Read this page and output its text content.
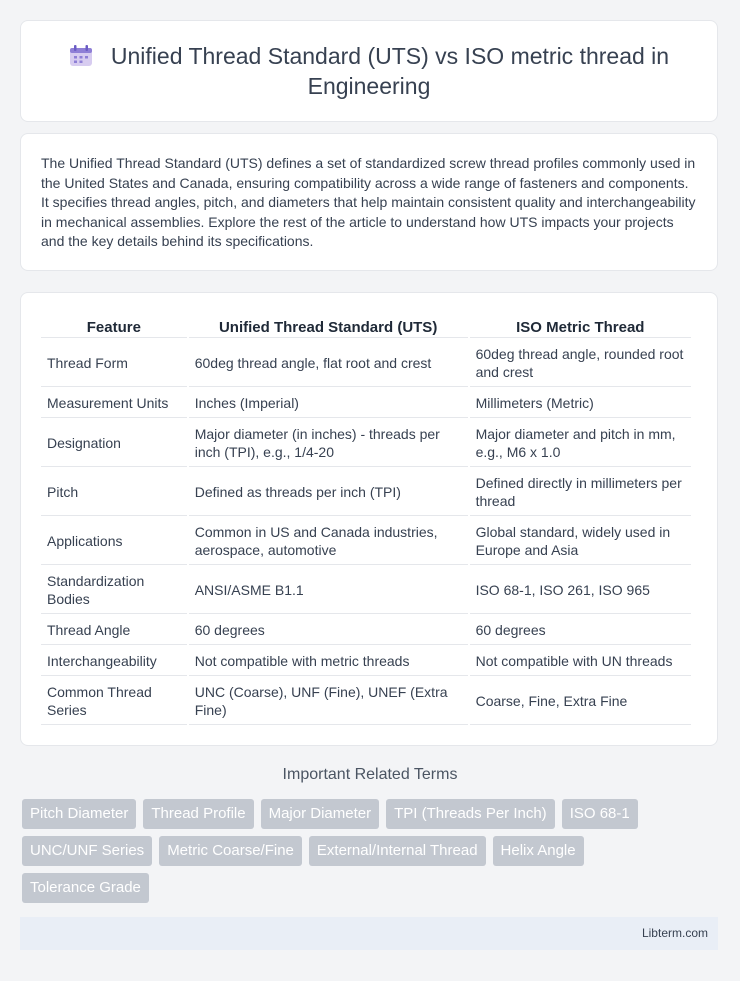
Unified Thread Standard (UTS) vs ISO metric thread in Engineering
The Unified Thread Standard (UTS) defines a set of standardized screw thread profiles commonly used in the United States and Canada, ensuring compatibility across a wide range of fasteners and components. It specifies thread angles, pitch, and diameters that help maintain consistent quality and interchangeability in mechanical assemblies. Explore the rest of the article to understand how UTS impacts your projects and the key details behind its specifications.
Feature	Unified Thread Standard (UTS)	ISO Metric Thread
Thread Form	60deg thread angle, flat root and crest	60deg thread angle, rounded root and crest
Measurement Units	Inches (Imperial)	Millimeters (Metric)
Designation	Major diameter (in inches) - threads per inch (TPI), e.g., 1/4-20	Major diameter and pitch in mm, e.g., M6 x 1.0
Pitch	Defined as threads per inch (TPI)	Defined directly in millimeters per thread
Applications	Common in US and Canada industries, aerospace, automotive	Global standard, widely used in Europe and Asia
Standardization Bodies	ANSI/ASME B1.1	ISO 68-1, ISO 261, ISO 965
Thread Angle	60 degrees	60 degrees
Interchangeability	Not compatible with metric threads	Not compatible with UN threads
Common Thread Series	UNC (Coarse), UNF (Fine), UNEF (Extra Fine)	Coarse, Fine, Extra Fine
Important Related Terms
Pitch Diameter Thread Profile Major Diameter TPI (Threads Per Inch) ISO 68-1
UNC/UNF Series Metric Coarse/Fine External/Internal Thread Helix Angle
Tolerance Grade
Libterm.com
